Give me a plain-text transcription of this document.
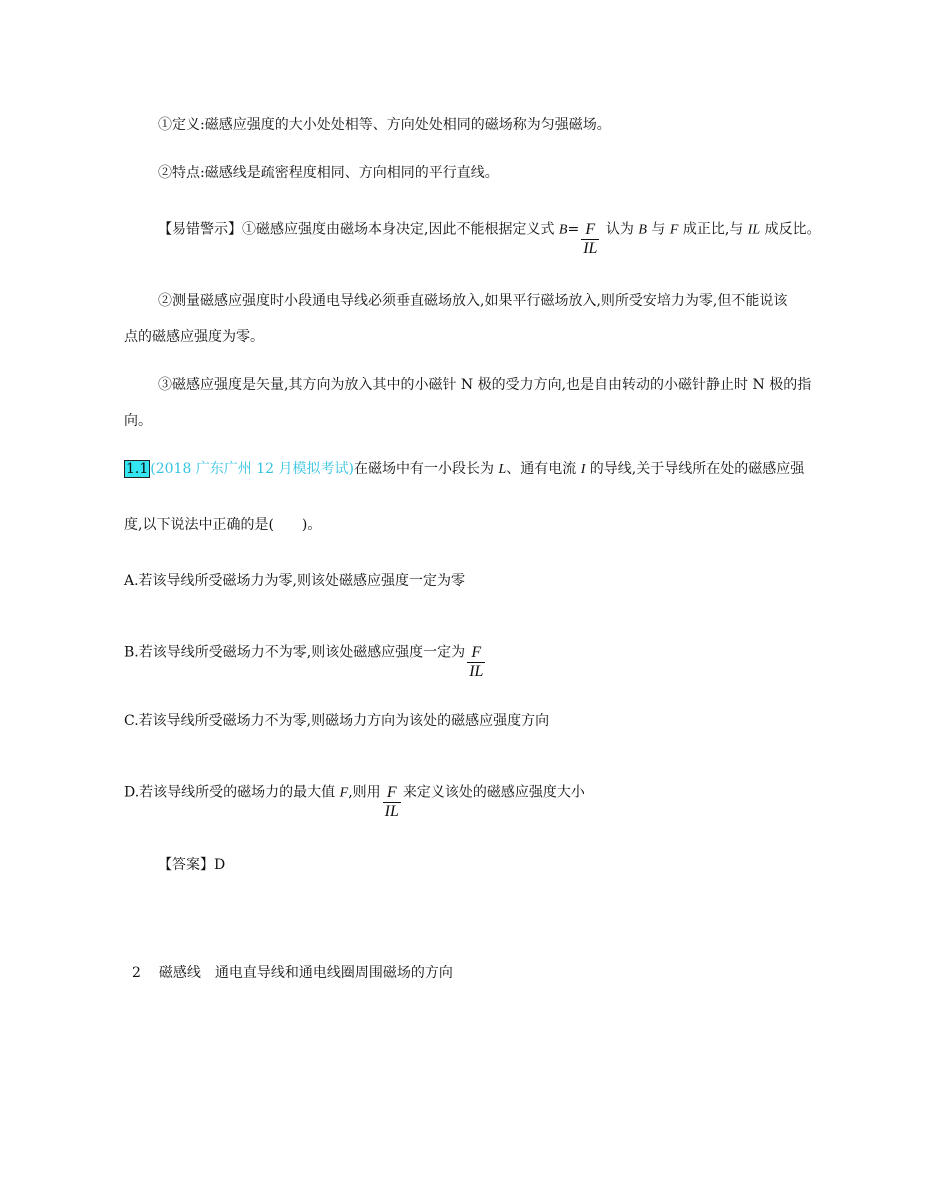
①定义:磁感应强度的大小处处相等、方向处处相同的磁场称为匀强磁场。
②特点:磁感线是疏密程度相同、方向相同的平行直线。
【易错警示】①磁感应强度由磁场本身决定,因此不能根据定义式 $B= \frac{F}{IL}$ 认为 B 与 F 成正比,与 IL 成反比。
②测量磁感应强度时小段通电导线必须垂直磁场放入,如果平行磁场放入,则所受安培力为零,但不能说该
点的磁感应强度为零。
③磁感应强度是矢量,其方向为放入其中的小磁针 N 极的受力方向,也是自由转动的小磁针静止时 N 极的指
向。
1.1 (2018 广东广州 12 月模拟考试)在磁场中有一小段长为 L、通有电流 I 的导线,关于导线所在处的磁感应强
度,以下说法中正确的是(　　)。
A.若该导线所受磁场力为零,则该处磁感应强度一定为零
B.若该导线所受磁场力不为零,则该处磁感应强度一定为 $\frac{F}{IL}$
C.若该导线所受磁场力不为零,则磁场力方向为该处的磁感应强度方向
D.若该导线所受的磁场力的最大值 F,则用 $\frac{F}{IL}$ 来定义该处的磁感应强度大小
【答案】D
2 磁感线　通电直导线和通电线圈周围磁场的方向
